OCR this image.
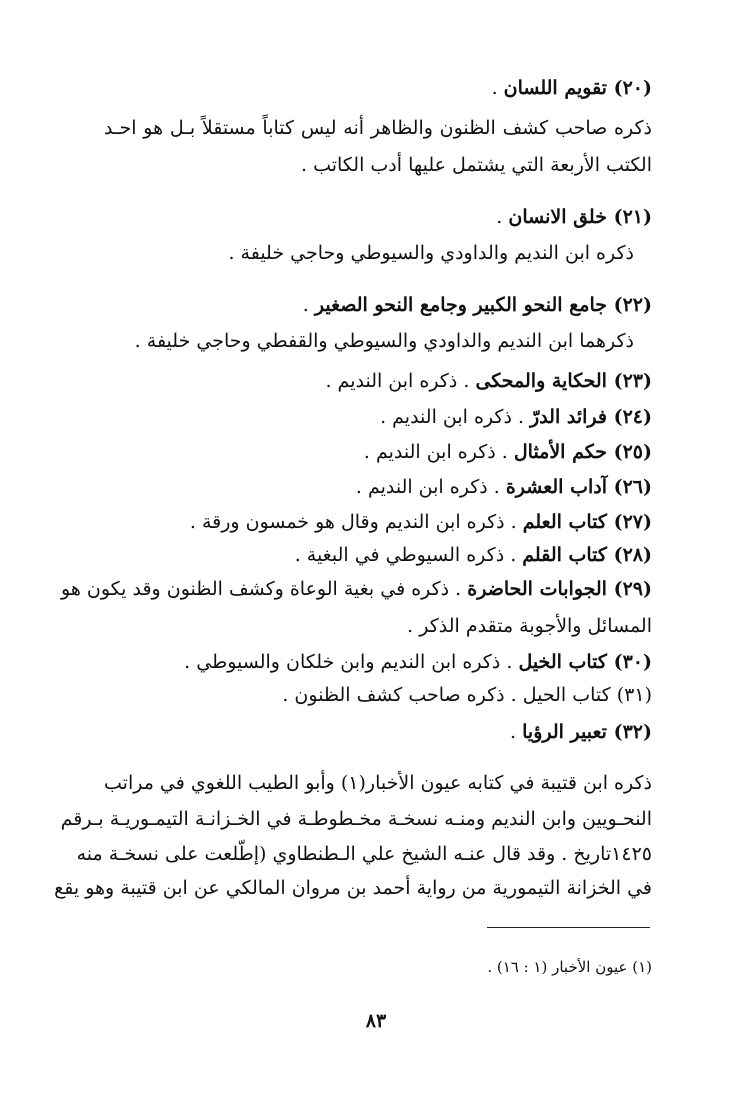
(٢٠) تقويم اللسان .
ذكره صاحب كشف الظنون والظاهر أنه ليس كتاباً مستقلاً بـل هو احـد
الكتب الأربعة التي يشتمل عليها أدب الكاتب .
(٢١) خلق الانسان .
ذكره ابن النديم والداودي والسيوطي وحاجي خليفة .
(٢٢) جامع النحو الكبير وجامع النحو الصغير .
ذكرهما ابن النديم والداودي والسيوطي والقفطي وحاجي خليفة .
(٢٣) الحكاية والمحكى . ذكره ابن النديم .
(٢٤) فرائد الدرّ . ذكره ابن النديم .
(٢٥) حكم الأمثال . ذكره ابن النديم .
(٢٦) آداب العشرة . ذكره ابن النديم .
(٢٧) كتاب العلم . ذكره ابن النديم وقال هو خمسون ورقة .
(٢٨) كتاب القلم . ذكره السيوطي في البغية .
(٢٩) الجوابات الحاضرة . ذكره في بغية الوعاة وكشف الظنون وقد يكون هو
المسائل والأجوبة متقدم الذكر .
(٣٠) كتاب الخيل . ذكره ابن النديم وابن خلكان والسيوطي .
(٣١) كتاب الحيل . ذكره صاحب كشف الظنون .
(٣٢) تعبير الرؤيا .
ذكره ابن قتيبة في كتابه عيون الأخبار(١) وأبو الطيب اللغوي في مراتب
النحـويين وابن النديم ومنـه نسخـة مخـطوطـة في الخـزانـة التيمـوريـة بـرقم
١٤٢٥تاريخ . وقد قال عنـه الشيخ علي الـطنطاوي (إطّلعت على نسخـة منه
في الخزانة التيمورية من رواية أحمد بن مروان المالكي عن ابن قتيبة وهو يقع
(١) عيون الأخبار (١ : ١٦) .
٨٣
